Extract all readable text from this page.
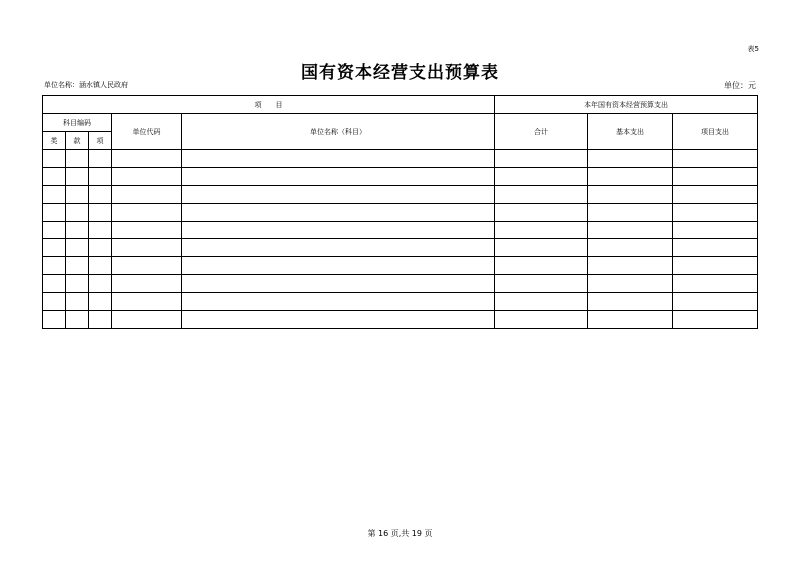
表5
国有资本经营支出预算表
单位名称：涵水镇人民政府	单位：元
项　　目					本年国有资本经营预算支出		
科目编码			单位代码	单位名称（科目）	合计	基本支出	项目支出
类	款	项					

第 16 页,共 19 页
